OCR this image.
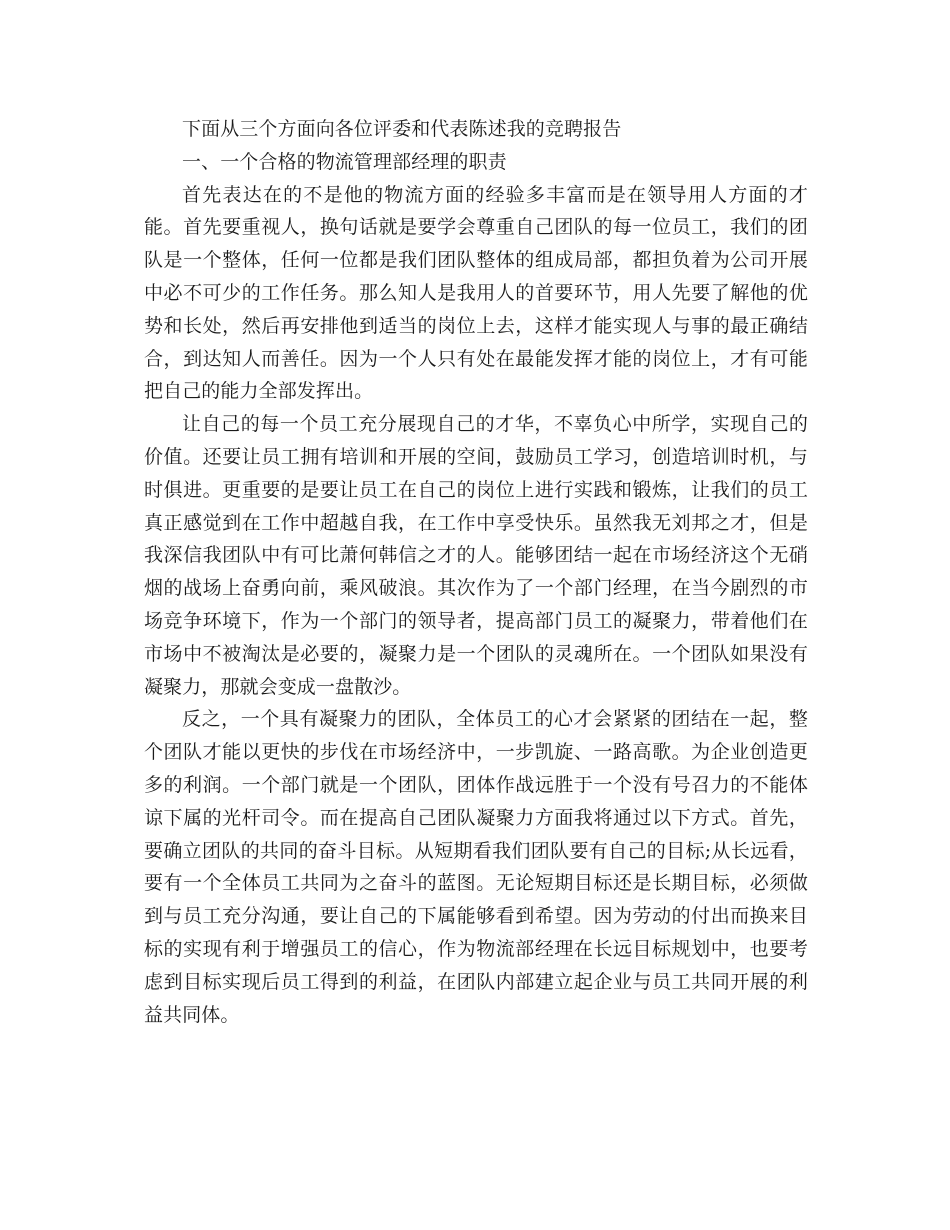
下面从三个方面向各位评委和代表陈述我的竞聘报告

一、一个合格的物流管理部经理的职责

首先表达在的不是他的物流方面的经验多丰富而是在领导用人方面的才能。首先要重视人，换句话就是要学会尊重自己团队的每一位员工，我们的团队是一个整体，任何一位都是我们团队整体的组成局部，都担负着为公司开展中必不可少的工作任务。那么知人是我用人的首要环节，用人先要了解他的优势和长处，然后再安排他到适当的岗位上去，这样才能实现人与事的最正确结合，到达知人而善任。因为一个人只有处在最能发挥才能的岗位上，才有可能把自己的能力全部发挥出。

让自己的每一个员工充分展现自己的才华，不辜负心中所学，实现自己的价值。还要让员工拥有培训和开展的空间，鼓励员工学习，创造培训时机，与时俱进。更重要的是要让员工在自己的岗位上进行实践和锻炼，让我们的员工真正感觉到在工作中超越自我，在工作中享受快乐。虽然我无刘邦之才，但是我深信我团队中有可比萧何韩信之才的人。能够团结一起在市场经济这个无硝烟的战场上奋勇向前，乘风破浪。其次作为了一个部门经理，在当今剧烈的市场竞争环境下，作为一个部门的领导者，提高部门员工的凝聚力，带着他们在市场中不被淘汰是必要的，凝聚力是一个团队的灵魂所在。一个团队如果没有凝聚力，那就会变成一盘散沙。

反之，一个具有凝聚力的团队，全体员工的心才会紧紧的团结在一起，整个团队才能以更快的步伐在市场经济中，一步凯旋、一路高歌。为企业创造更多的利润。一个部门就是一个团队，团体作战远胜于一个没有号召力的不能体谅下属的光杆司令。而在提高自己团队凝聚力方面我将通过以下方式。首先，要确立团队的共同的奋斗目标。从短期看我们团队要有自己的目标;从长远看，要有一个全体员工共同为之奋斗的蓝图。无论短期目标还是长期目标，必须做到与员工充分沟通，要让自己的下属能够看到希望。因为劳动的付出而换来目标的实现有利于增强员工的信心，作为物流部经理在长远目标规划中，也要考虑到目标实现后员工得到的利益，在团队内部建立起企业与员工共同开展的利益共同体。
